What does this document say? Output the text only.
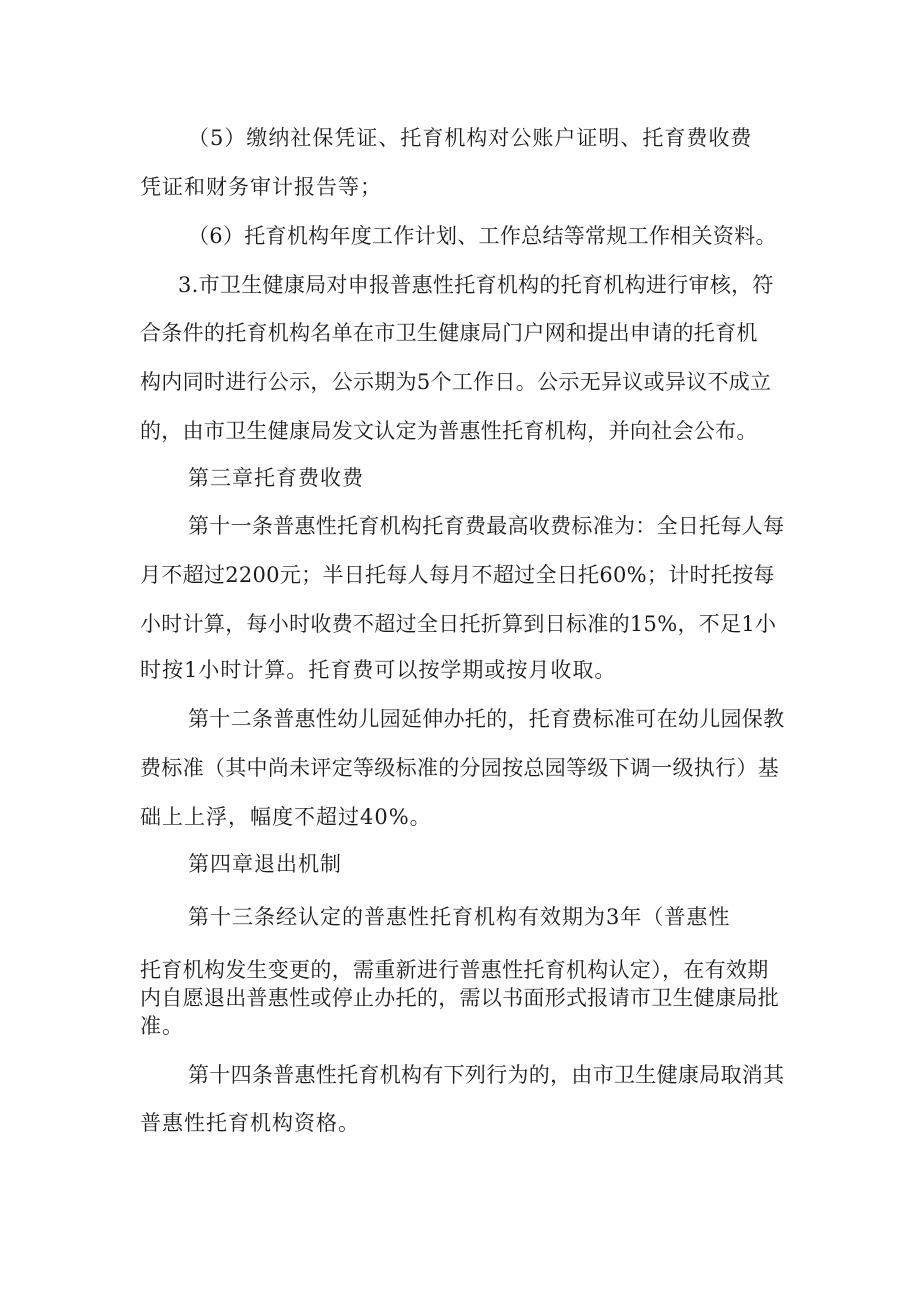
（5）缴纳社保凭证、托育机构对公账户证明、托育费收费
凭证和财务审计报告等；
（6）托育机构年度工作计划、工作总结等常规工作相关资料。
3.市卫生健康局对申报普惠性托育机构的托育机构进行审核，符
合条件的托育机构名单在市卫生健康局门户网和提出申请的托育机
构内同时进行公示，公示期为5个工作日。公示无异议或异议不成立
的，由市卫生健康局发文认定为普惠性托育机构，并向社会公布。
第三章托育费收费
第十一条普惠性托育机构托育费最高收费标准为：全日托每人每
月不超过2200元；半日托每人每月不超过全日托60%；计时托按每
小时计算，每小时收费不超过全日托折算到日标准的15%，不足1小
时按1小时计算。托育费可以按学期或按月收取。
第十二条普惠性幼儿园延伸办托的，托育费标准可在幼儿园保教
费标准（其中尚未评定等级标准的分园按总园等级下调一级执行）基
础上上浮，幅度不超过40%。
第四章退出机制
第十三条经认定的普惠性托育机构有效期为3年（普惠性
托育机构发生变更的，需重新进行普惠性托育机构认定），在有效期
内自愿退出普惠性或停止办托的，需以书面形式报请市卫生健康局批
准。
第十四条普惠性托育机构有下列行为的，由市卫生健康局取消其
普惠性托育机构资格。
